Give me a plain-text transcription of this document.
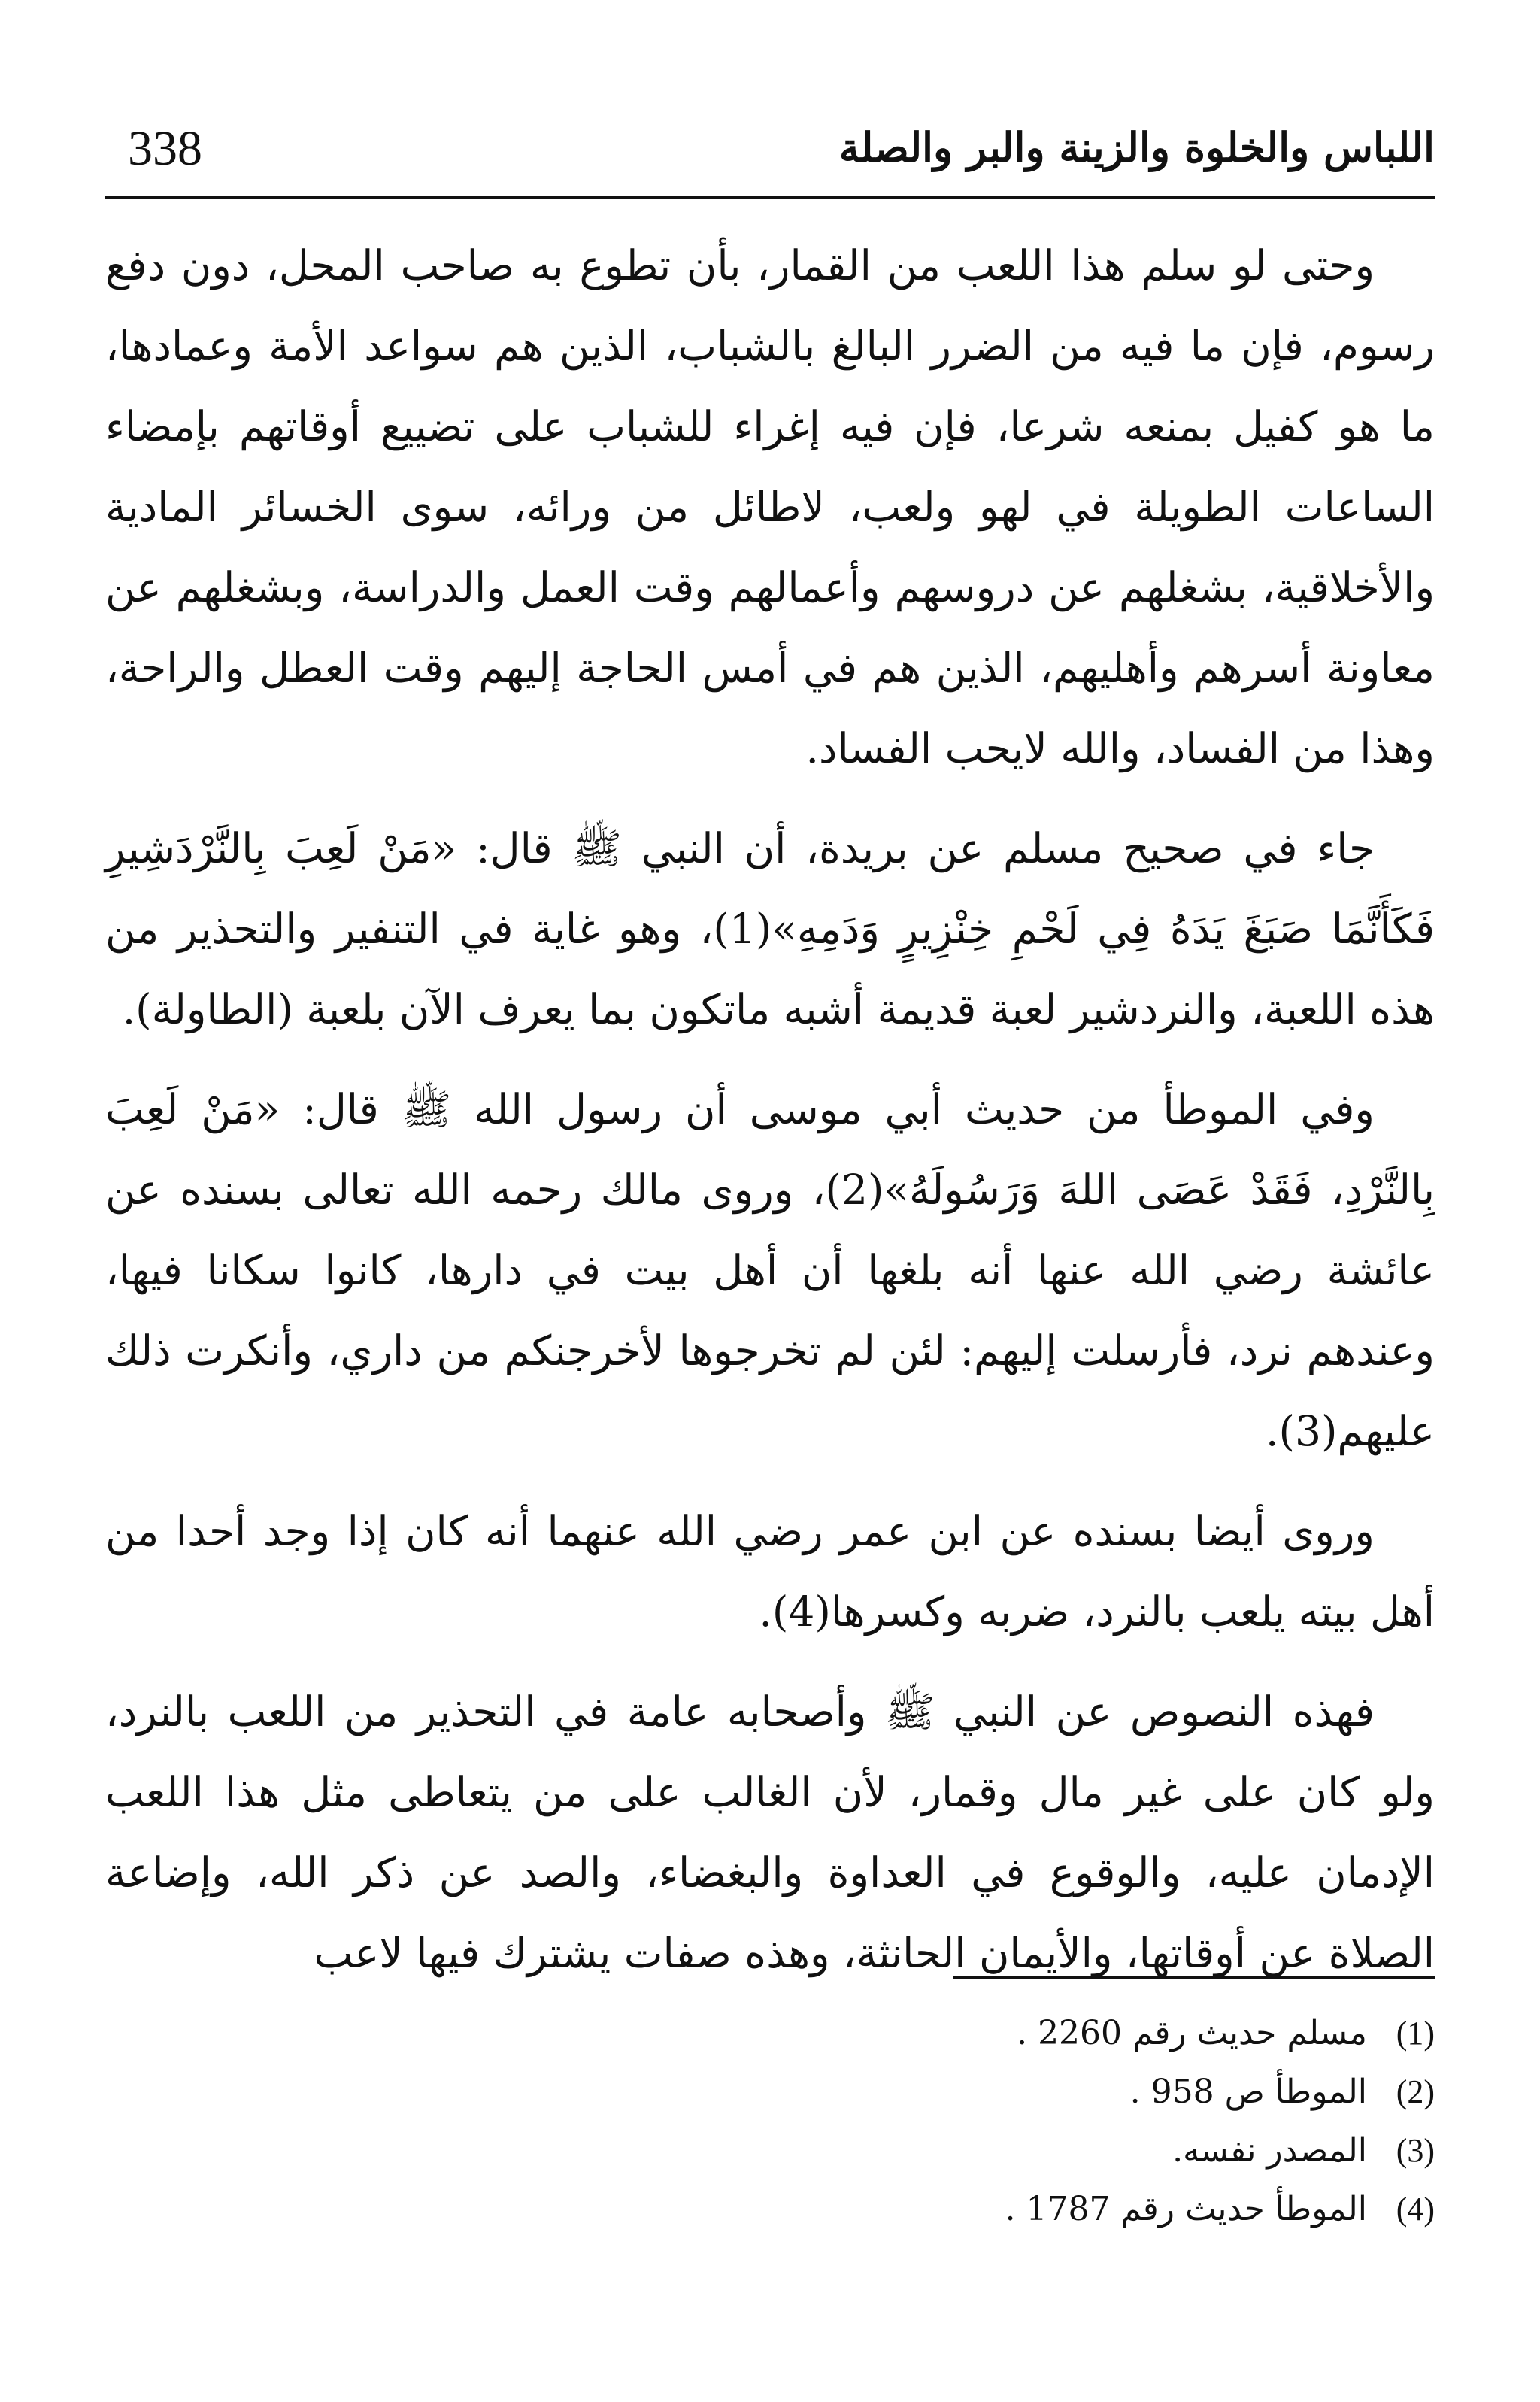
338	اللباس والخلوة والزينة والبر والصلة

وحتى لو سلم هذا اللعب من القمار، بأن تطوع به صاحب المحل، دون دفع رسوم، فإن ما فيه من الضرر البالغ بالشباب، الذين هم سواعد الأمة وعمادها، ما هو كفيل بمنعه شرعا، فإن فيه إغراء للشباب على تضييع أوقاتهم بإمضاء الساعات الطويلة في لهو ولعب، لاطائل من ورائه، سوى الخسائر المادية والأخلاقية، بشغلهم عن دروسهم وأعمالهم وقت العمل والدراسة، وبشغلهم عن معاونة أسرهم وأهليهم، الذين هم في أمس الحاجة إليهم وقت العطل والراحة، وهذا من الفساد، والله لايحب الفساد.

جاء في صحيح مسلم عن بريدة، أن النبي ﷺ قال: «مَنْ لَعِبَ بِالنَّرْدَشِيرِ فَكَأَنَّمَا صَبَغَ يَدَهُ فِي لَحْمِ خِنْزِيرٍ وَدَمِهِ»(1)، وهو غاية في التنفير والتحذير من هذه اللعبة، والنردشير لعبة قديمة أشبه ماتكون بما يعرف الآن بلعبة (الطاولة).

وفي الموطأ من حديث أبي موسى أن رسول الله ﷺ قال: «مَنْ لَعِبَ بِالنَّرْدِ، فَقَدْ عَصَى اللهَ وَرَسُولَهُ»(2)، وروى مالك رحمه الله تعالى بسنده عن عائشة رضي الله عنها أنه بلغها أن أهل بيت في دارها، كانوا سكانا فيها، وعندهم نرد، فأرسلت إليهم: لئن لم تخرجوها لأخرجنكم من داري، وأنكرت ذلك عليهم(3).

وروى أيضا بسنده عن ابن عمر رضي الله عنهما أنه كان إذا وجد أحدا من أهل بيته يلعب بالنرد، ضربه وكسرها(4).

فهذه النصوص عن النبي ﷺ وأصحابه عامة في التحذير من اللعب بالنرد، ولو كان على غير مال وقمار، لأن الغالب على من يتعاطى مثل هذا اللعب الإدمان عليه، والوقوع في العداوة والبغضاء، والصد عن ذكر الله، وإضاعة الصلاة عن أوقاتها، والأيمان الحانثة، وهذه صفات يشترك فيها لاعب

(1)
مسلم حديث رقم 2260 .
(2)
الموطأ ص 958 .
(3)
المصدر نفسه.
(4)
الموطأ حديث رقم 1787 .
